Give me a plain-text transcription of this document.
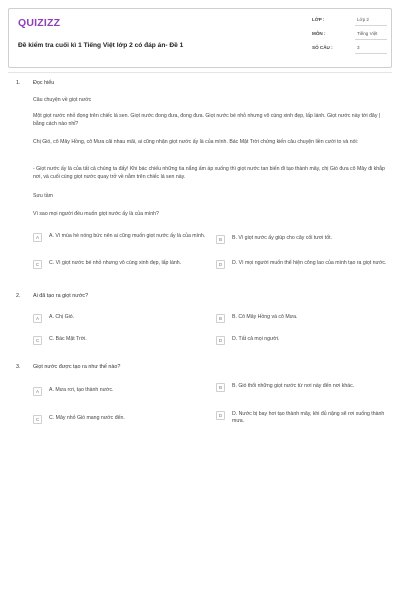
QUIZIZZ
Đề kiểm tra cuối kì 1 Tiếng Việt lớp 2 có đáp án- Đề 1
LỚP :	Lớp 2
MÔN :	Tiếng Việt
SỐ CÂU :	3
1. Đọc hiểu
Câu chuyện về giọt nước
Một giọt nước nhỏ đọng trên chiếc lá sen. Giọt nước đong đưa, đong đưa. Giọt nước bé nhỏ nhưng vô cùng xinh đẹp, lấp lánh. Giọt nước này tới đây | bằng cách nào nhỉ?
Chị Gió, cô Mây Hồng, cô Mưa cãi nhau mãi, ai cũng nhận giọt nước ấy là của mình. Bác Mặt Trời chứng kiến câu chuyện liền cười to và nói:
- Giọt nước ấy là của tất cả chúng ta đấy! Khi bác chiếu những tia nắng ấm áp xuống thì giọt nước tan biến đi tạo thành mây, chị Gió đưa cô Mây đi khắp nơi, và cuối cùng giọt nước quay trở về nằm trên chiếc lá sen này.
Sưu tầm
Vì sao mọi người đều muốn giọt nước ấy là của mình?
A	A. Vì mùa hè nóng bức nên ai cũng muốn giọt nước ấy là của mình.
B	B. Vì giọt nước ấy giúp cho cây cối tươi tốt.
C	C. Vì giọt nước bé nhỏ nhưng vô cùng xinh đẹp, lấp lánh.	D	D. Vì mọi người muốn thể hiện công lao của mình tạo ra giọt nước.
2. Ai đã tạo ra giọt nước?
A	A. Chị Gió.	B	B. Cô Mây Hồng và cô Mưa.
C	C. Bác Mặt Trời.	D	D. Tất cả mọi người.
3. Giọt nước được tạo ra như thế nào?
A	A. Mưa rơi, tạo thành nước.	B	B. Gió thổi những giọt nước từ nơi này đến nơi khác.
C	C. Mây nhỏ Gió mang nước đến.	D	D. Nước bị bay hơi tạo thành mây, khi đủ nặng sẽ rơi xuống thành mưa.
